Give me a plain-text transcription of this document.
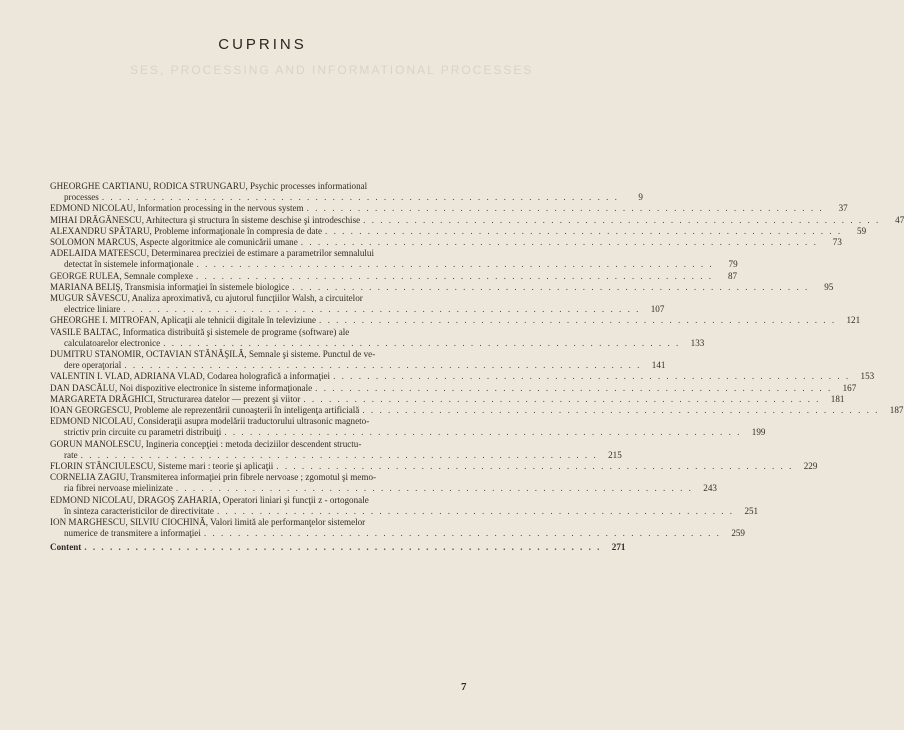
SES, PROCESSING AND INFORMATIONAL PROCESSES
CUPRINS
GHEORGHE CARTIANU, RODICA STRUNGARU, Psychic processes informational
processes . . . . . . . . . . . . . . . . . . . . . . . . . . . . . . . . . . . . . . . . . . . . . . . . . . . . . . . . . . . . .	9
EDMOND NICOLAU, Information processing in the nervous system . . . . . . . . . . . . . . . . . . . . . . . . . . . . . . . . . . . . . . . . . . . . . . . . . . . . . . . . . . . . .	37
MIHAI DRĂGĂNESCU, Arhitectura şi structura în sisteme deschise şi introdeschise . . . . . . . . . . . . . . . . . . . . . . . . . . . . . . . . . . . . . . . . . . . . . . . . . . . . . . . . . . . . .	47
ALEXANDRU SPĂTARU, Probleme informaţionale în compresia de date . . . . . . . . . . . . . . . . . . . . . . . . . . . . . . . . . . . . . . . . . . . . . . . . . . . . . . . . . . . . .	59
SOLOMON MARCUS, Aspecte algoritmice ale comunicării umane . . . . . . . . . . . . . . . . . . . . . . . . . . . . . . . . . . . . . . . . . . . . . . . . . . . . . . . . . . . . .	73
ADELAIDA MATEESCU, Determinarea preciziei de estimare a parametrilor semnalului
detectat în sistemele informaţionale . . . . . . . . . . . . . . . . . . . . . . . . . . . . . . . . . . . . . . . . . . . . . . . . . . . . . . . . . . . . .	79
GEORGE RULEA, Semnale complexe . . . . . . . . . . . . . . . . . . . . . . . . . . . . . . . . . . . . . . . . . . . . . . . . . . . . . . . . . . . . .	87
MARIANA BELIŞ, Transmisia informaţiei în sistemele biologice . . . . . . . . . . . . . . . . . . . . . . . . . . . . . . . . . . . . . . . . . . . . . . . . . . . . . . . . . . . . .	95
MUGUR SĂVESCU, Analiza aproximativă, cu ajutorul funcţiilor Walsh, a circuitelor
electrice liniare . . . . . . . . . . . . . . . . . . . . . . . . . . . . . . . . . . . . . . . . . . . . . . . . . . . . . . . . . . . . .	107
GHEORGHE I. MITROFAN, Aplicaţii ale tehnicii digitale în televiziune . . . . . . . . . . . . . . . . . . . . . . . . . . . . . . . . . . . . . . . . . . . . . . . . . . . . . . . . . . . . .	121
VASILE BALTAC, Informatica distribuită şi sistemele de programe (software) ale
calculatoarelor electronice . . . . . . . . . . . . . . . . . . . . . . . . . . . . . . . . . . . . . . . . . . . . . . . . . . . . . . . . . . . . .	133
DUMITRU STANOMIR, OCTAVIAN STĂNĂŞILĂ, Semnale şi sisteme. Punctul de ve-
dere operaţorial . . . . . . . . . . . . . . . . . . . . . . . . . . . . . . . . . . . . . . . . . . . . . . . . . . . . . . . . . . . . .	141
VALENTIN I. VLAD, ADRIANA VLAD, Codarea holografică a informaţiei . . . . . . . . . . . . . . . . . . . . . . . . . . . . . . . . . . . . . . . . . . . . . . . . . . . . . . . . . . . . .	153
DAN DASCĂLU, Noi dispozitive electronice în sisteme informaţionale . . . . . . . . . . . . . . . . . . . . . . . . . . . . . . . . . . . . . . . . . . . . . . . . . . . . . . . . . . . . .	167
MARGARETA DRĂGHICI, Structurarea datelor — prezent şi viitor . . . . . . . . . . . . . . . . . . . . . . . . . . . . . . . . . . . . . . . . . . . . . . . . . . . . . . . . . . . . .	181
IOAN GEORGESCU, Probleme ale reprezentării cunoaşterii în inteligenţa artificială . . . . . . . . . . . . . . . . . . . . . . . . . . . . . . . . . . . . . . . . . . . . . . . . . . . . . . . . . . . . .	187
EDMOND NICOLAU, Consideraţii asupra modelării traductorului ultrasonic magneto-
strictiv prin circuite cu parametri distribuiţi . . . . . . . . . . . . . . . . . . . . . . . . . . . . . . . . . . . . . . . . . . . . . . . . . . . . . . . . . . . . .	199
GORUN MANOLESCU, Ingineria concepţiei : metoda deciziilor descendent structu-
rate . . . . . . . . . . . . . . . . . . . . . . . . . . . . . . . . . . . . . . . . . . . . . . . . . . . . . . . . . . . . .	215
FLORIN STĂNCIULESCU, Sisteme mari : teorie şi aplicaţii . . . . . . . . . . . . . . . . . . . . . . . . . . . . . . . . . . . . . . . . . . . . . . . . . . . . . . . . . . . . .	229
CORNELIA ZAGIU, Transmiterea informaţiei prin fibrele nervoase ; zgomotul şi memo-
ria fibrei nervoase mielinizate . . . . . . . . . . . . . . . . . . . . . . . . . . . . . . . . . . . . . . . . . . . . . . . . . . . . . . . . . . . . .	243
EDMOND NICOLAU, DRAGOŞ ZAHARIA, Operatori liniari şi funcţii z - ortogonale
în sinteza caracteristicilor de directivitate . . . . . . . . . . . . . . . . . . . . . . . . . . . . . . . . . . . . . . . . . . . . . . . . . . . . . . . . . . . . .	251
ION MARGHESCU, SILVIU CIOCHINĂ, Valori limită ale performanţelor sistemelor
numerice de transmitere a informaţiei . . . . . . . . . . . . . . . . . . . . . . . . . . . . . . . . . . . . . . . . . . . . . . . . . . . . . . . . . . . . .	259
Content . . . . . . . . . . . . . . . . . . . . . . . . . . . . . . . . . . . . . . . . . . . . . . . . . . . . . . . . . . . . .	271
7
